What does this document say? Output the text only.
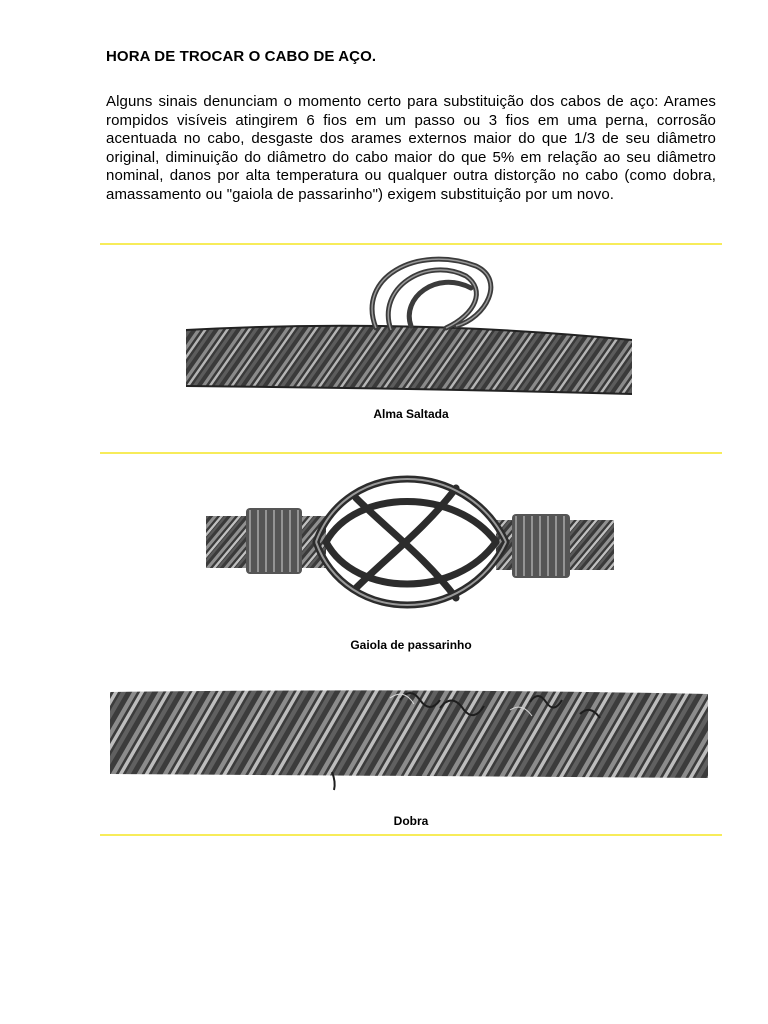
HORA DE TROCAR O CABO DE AÇO.
Alguns sinais denunciam o momento certo para substituição dos cabos de aço: Arames rompidos visíveis atingirem 6 fios em um passo ou 3 fios em uma perna, corrosão acentuada no cabo, desgaste dos arames externos maior do que 1/3 de seu diâmetro original, diminuição do diâmetro do cabo maior do que 5% em relação ao seu diâmetro nominal, danos por alta temperatura ou qualquer outra distorção no cabo (como dobra, amassamento ou "gaiola de passarinho") exigem substituição por um novo.
Alma Saltada
Gaiola de passarinho
Dobra
